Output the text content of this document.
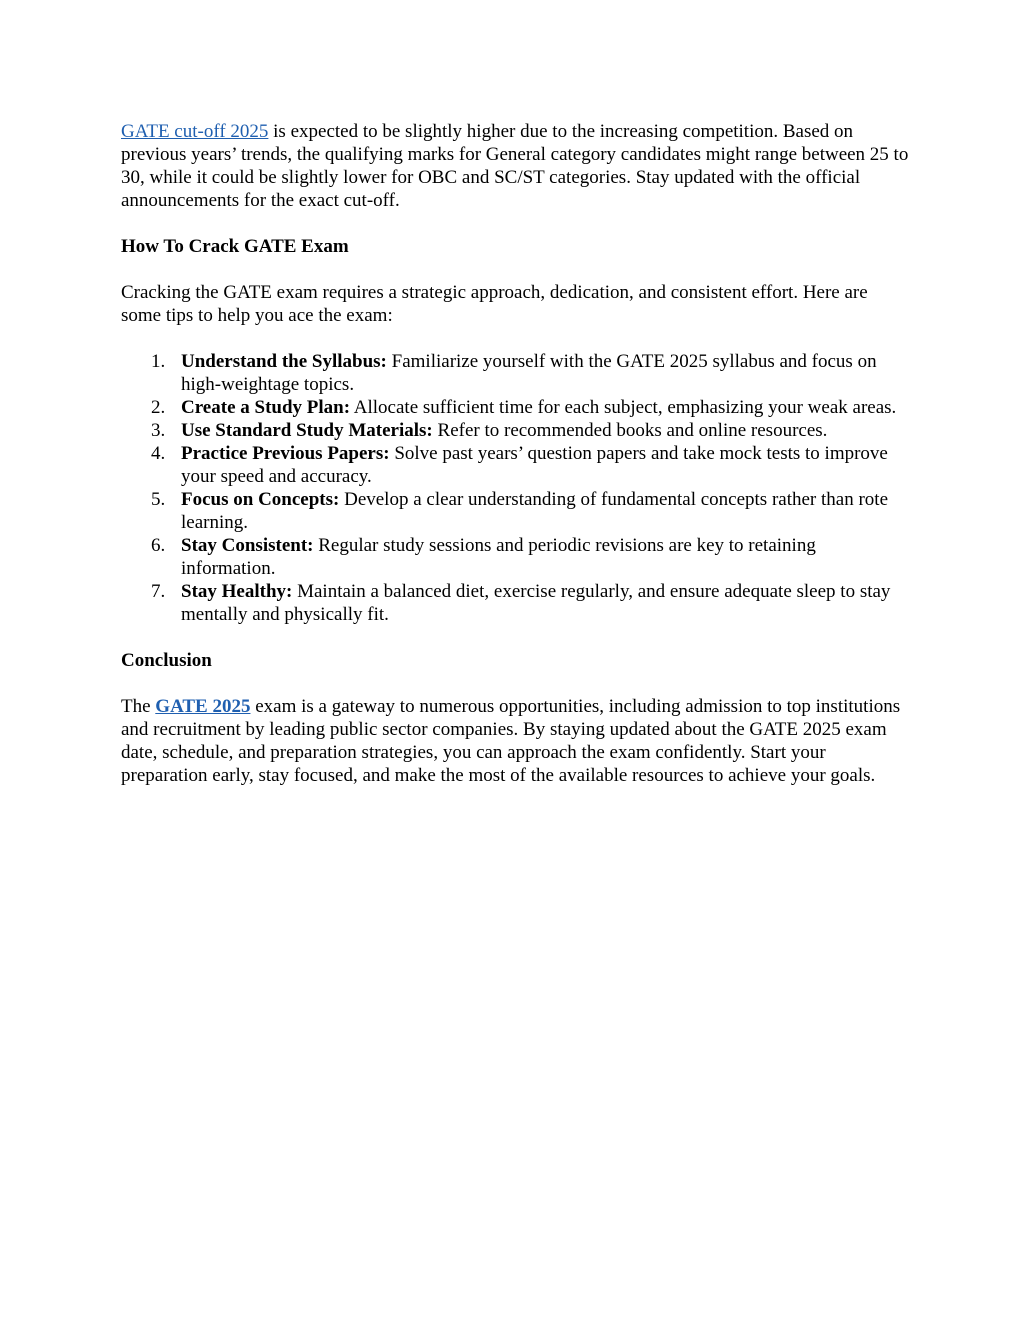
GATE cut-off 2025 is expected to be slightly higher due to the increasing competition. Based on previous years’ trends, the qualifying marks for General category candidates might range between 25 to 30, while it could be slightly lower for OBC and SC/ST categories. Stay updated with the official announcements for the exact cut-off.

How To Crack GATE Exam

Cracking the GATE exam requires a strategic approach, dedication, and consistent effort. Here are some tips to help you ace the exam:

1. Understand the Syllabus: Familiarize yourself with the GATE 2025 syllabus and focus on high-weightage topics.
2. Create a Study Plan: Allocate sufficient time for each subject, emphasizing your weak areas.
3. Use Standard Study Materials: Refer to recommended books and online resources.
4. Practice Previous Papers: Solve past years’ question papers and take mock tests to improve your speed and accuracy.
5. Focus on Concepts: Develop a clear understanding of fundamental concepts rather than rote learning.
6. Stay Consistent: Regular study sessions and periodic revisions are key to retaining information.
7. Stay Healthy: Maintain a balanced diet, exercise regularly, and ensure adequate sleep to stay mentally and physically fit.
Conclusion

The GATE 2025 exam is a gateway to numerous opportunities, including admission to top institutions and recruitment by leading public sector companies. By staying updated about the GATE 2025 exam date, schedule, and preparation strategies, you can approach the exam confidently. Start your preparation early, stay focused, and make the most of the available resources to achieve your goals.
